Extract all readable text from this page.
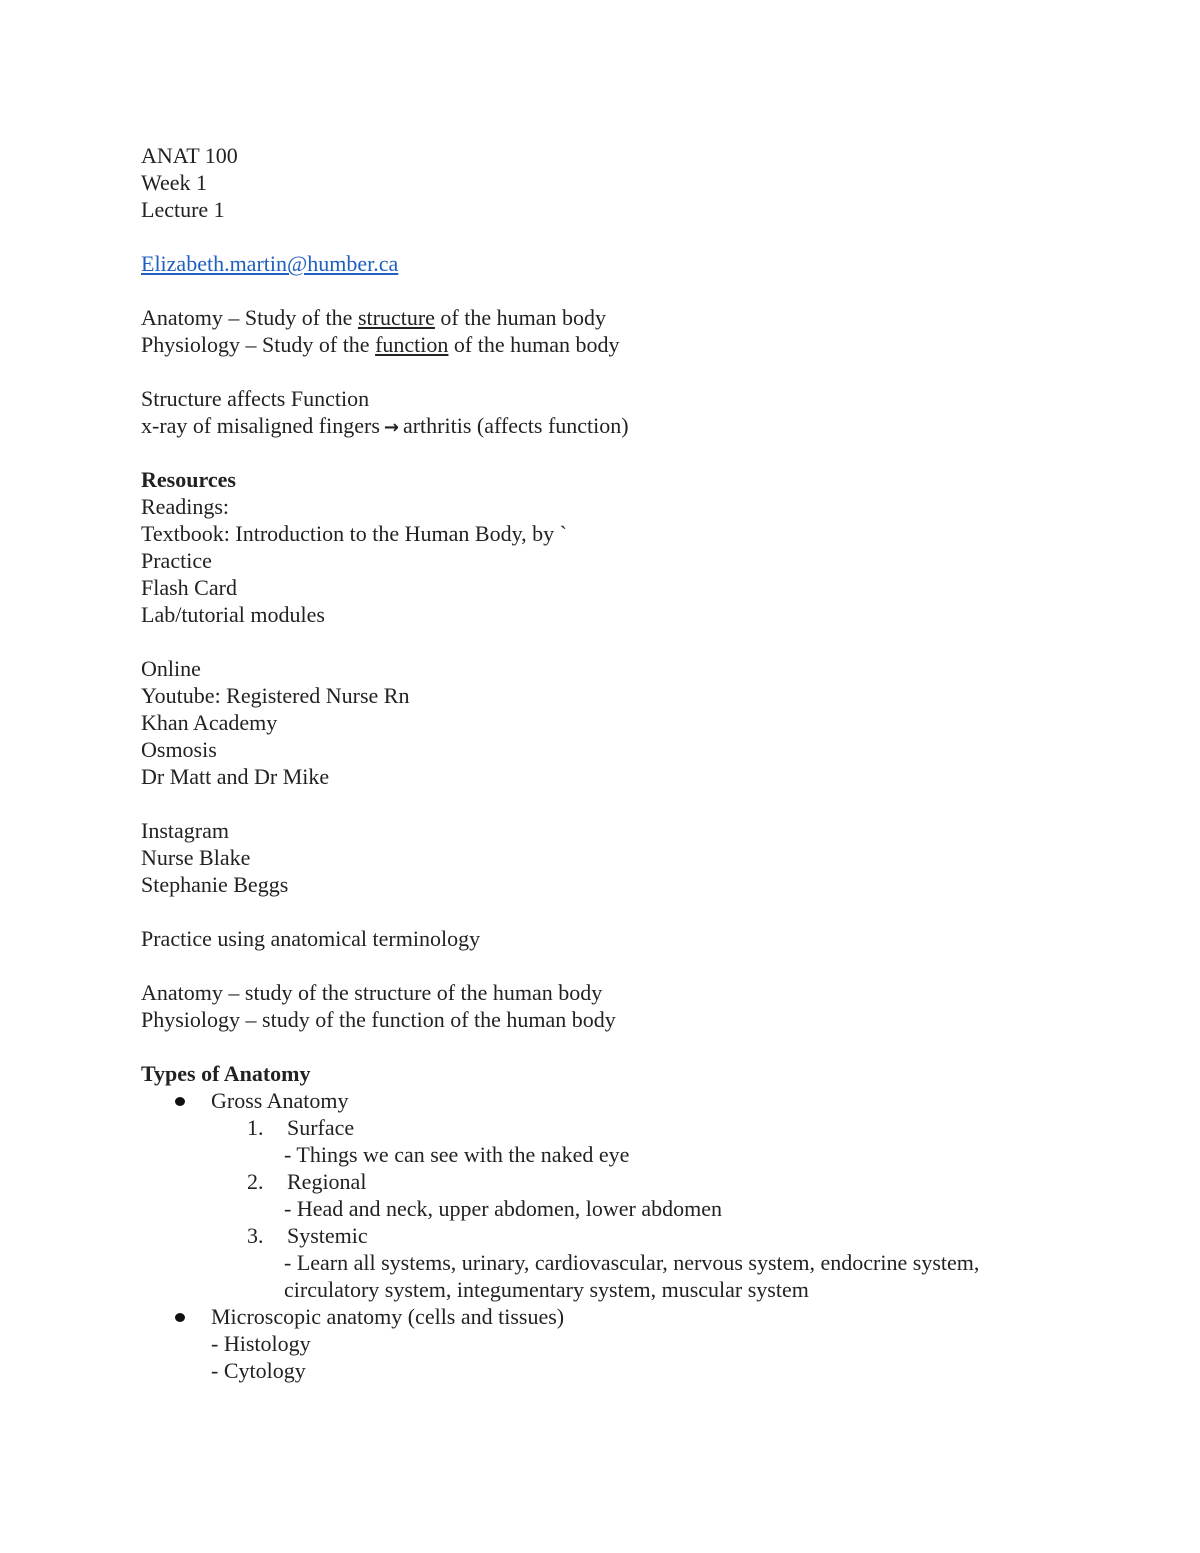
ANAT 100
Week 1
Lecture 1
Elizabeth.martin@humber.ca
Anatomy – Study of the structure of the human body
Physiology – Study of the function of the human body
Structure affects Function
x-ray of misaligned fingers → arthritis (affects function)
Resources
Readings:
Textbook: Introduction to the Human Body, by `
Practice
Flash Card
Lab/tutorial modules
Online
Youtube: Registered Nurse Rn
Khan Academy
Osmosis
Dr Matt and Dr Mike
Instagram
Nurse Blake
Stephanie Beggs
Practice using anatomical terminology
Anatomy – study of the structure of the human body
Physiology – study of the function of the human body
Types of Anatomy
Gross Anatomy
1. Surface
- Things we can see with the naked eye
2. Regional
- Head and neck, upper abdomen, lower abdomen
3. Systemic
- Learn all systems, urinary, cardiovascular, nervous system, endocrine system,
circulatory system, integumentary system, muscular system
Microscopic anatomy (cells and tissues)
- Histology
- Cytology
